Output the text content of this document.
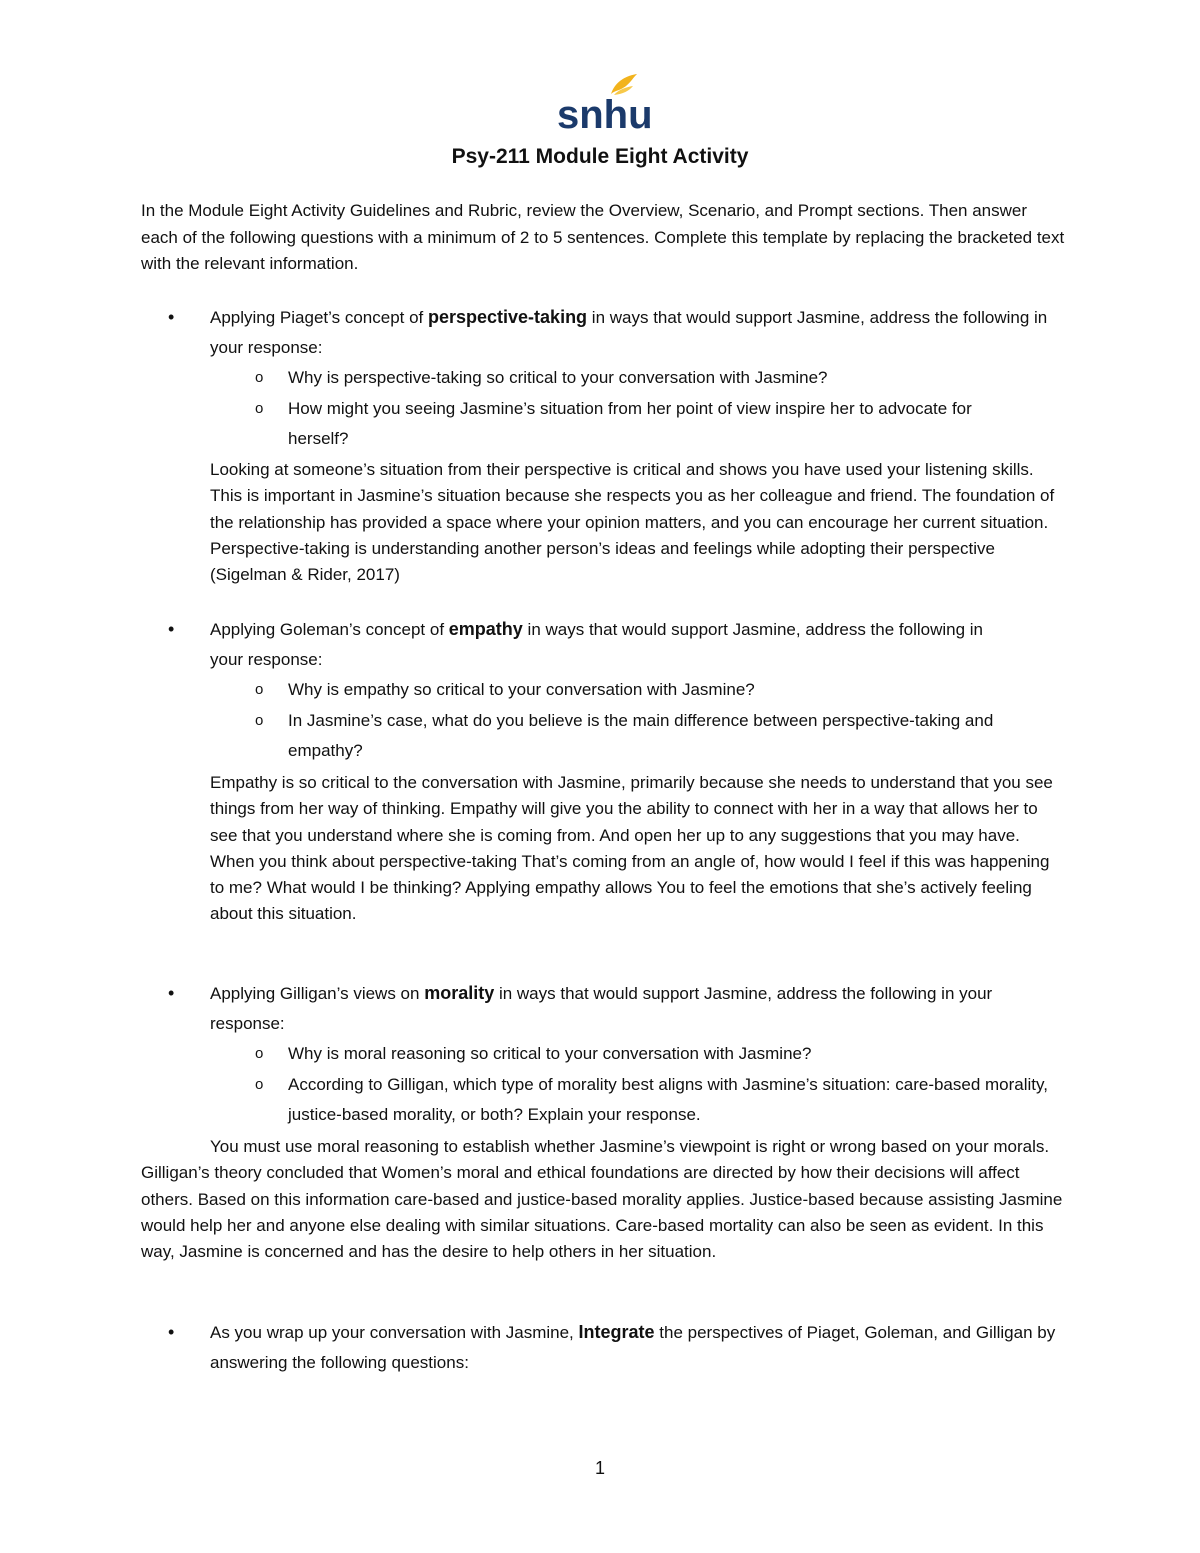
snhu
Psy-211 Module Eight Activity

In the Module Eight Activity Guidelines and Rubric, review the Overview, Scenario, and Prompt sections. Then answer each of the following questions with a minimum of 2 to 5 sentences. Complete this template by replacing the bracketed text with the relevant information.

• Applying Piaget’s concept of perspective-taking in ways that would support Jasmine, address the following in your response:

o Why is perspective-taking so critical to your conversation with Jasmine?

o How might you seeing Jasmine’s situation from her point of view inspire her to advocate for herself?

Looking at someone’s situation from their perspective is critical and shows you have used your listening skills. This is important in Jasmine’s situation because she respects you as her colleague and friend. The foundation of the relationship has provided a space where your opinion matters, and you can encourage her current situation. Perspective-taking is understanding another person’s ideas and feelings while adopting their perspective (Sigelman & Rider, 2017)

• Applying Goleman’s concept of empathy in ways that would support Jasmine, address the following in your response:

o Why is empathy so critical to your conversation with Jasmine?

o In Jasmine’s case, what do you believe is the main difference between perspective-taking and empathy?

Empathy is so critical to the conversation with Jasmine, primarily because she needs to understand that you see things from her way of thinking. Empathy will give you the ability to connect with her in a way that allows her to see that you understand where she is coming from. And open her up to any suggestions that you may have. When you think about perspective-taking That’s coming from an angle of, how would I feel if this was happening to me? What would I be thinking? Applying empathy allows You to feel the emotions that she’s actively feeling about this situation.

• Applying Gilligan’s views on morality in ways that would support Jasmine, address the following in your response:

o Why is moral reasoning so critical to your conversation with Jasmine?

o According to Gilligan, which type of morality best aligns with Jasmine’s situation: care-based morality, justice-based morality, or both? Explain your response.

You must use moral reasoning to establish whether Jasmine’s viewpoint is right or wrong based on your morals. Gilligan’s theory concluded that Women’s moral and ethical foundations are directed by how their decisions will affect others. Based on this information care-based and justice-based morality applies. Justice-based because assisting Jasmine would help her and anyone else dealing with similar situations. Care-based mortality can also be seen as evident. In this way, Jasmine is concerned and has the desire to help others in her situation.

• As you wrap up your conversation with Jasmine, Integrate the perspectives of Piaget, Goleman, and Gilligan by answering the following questions:

1
